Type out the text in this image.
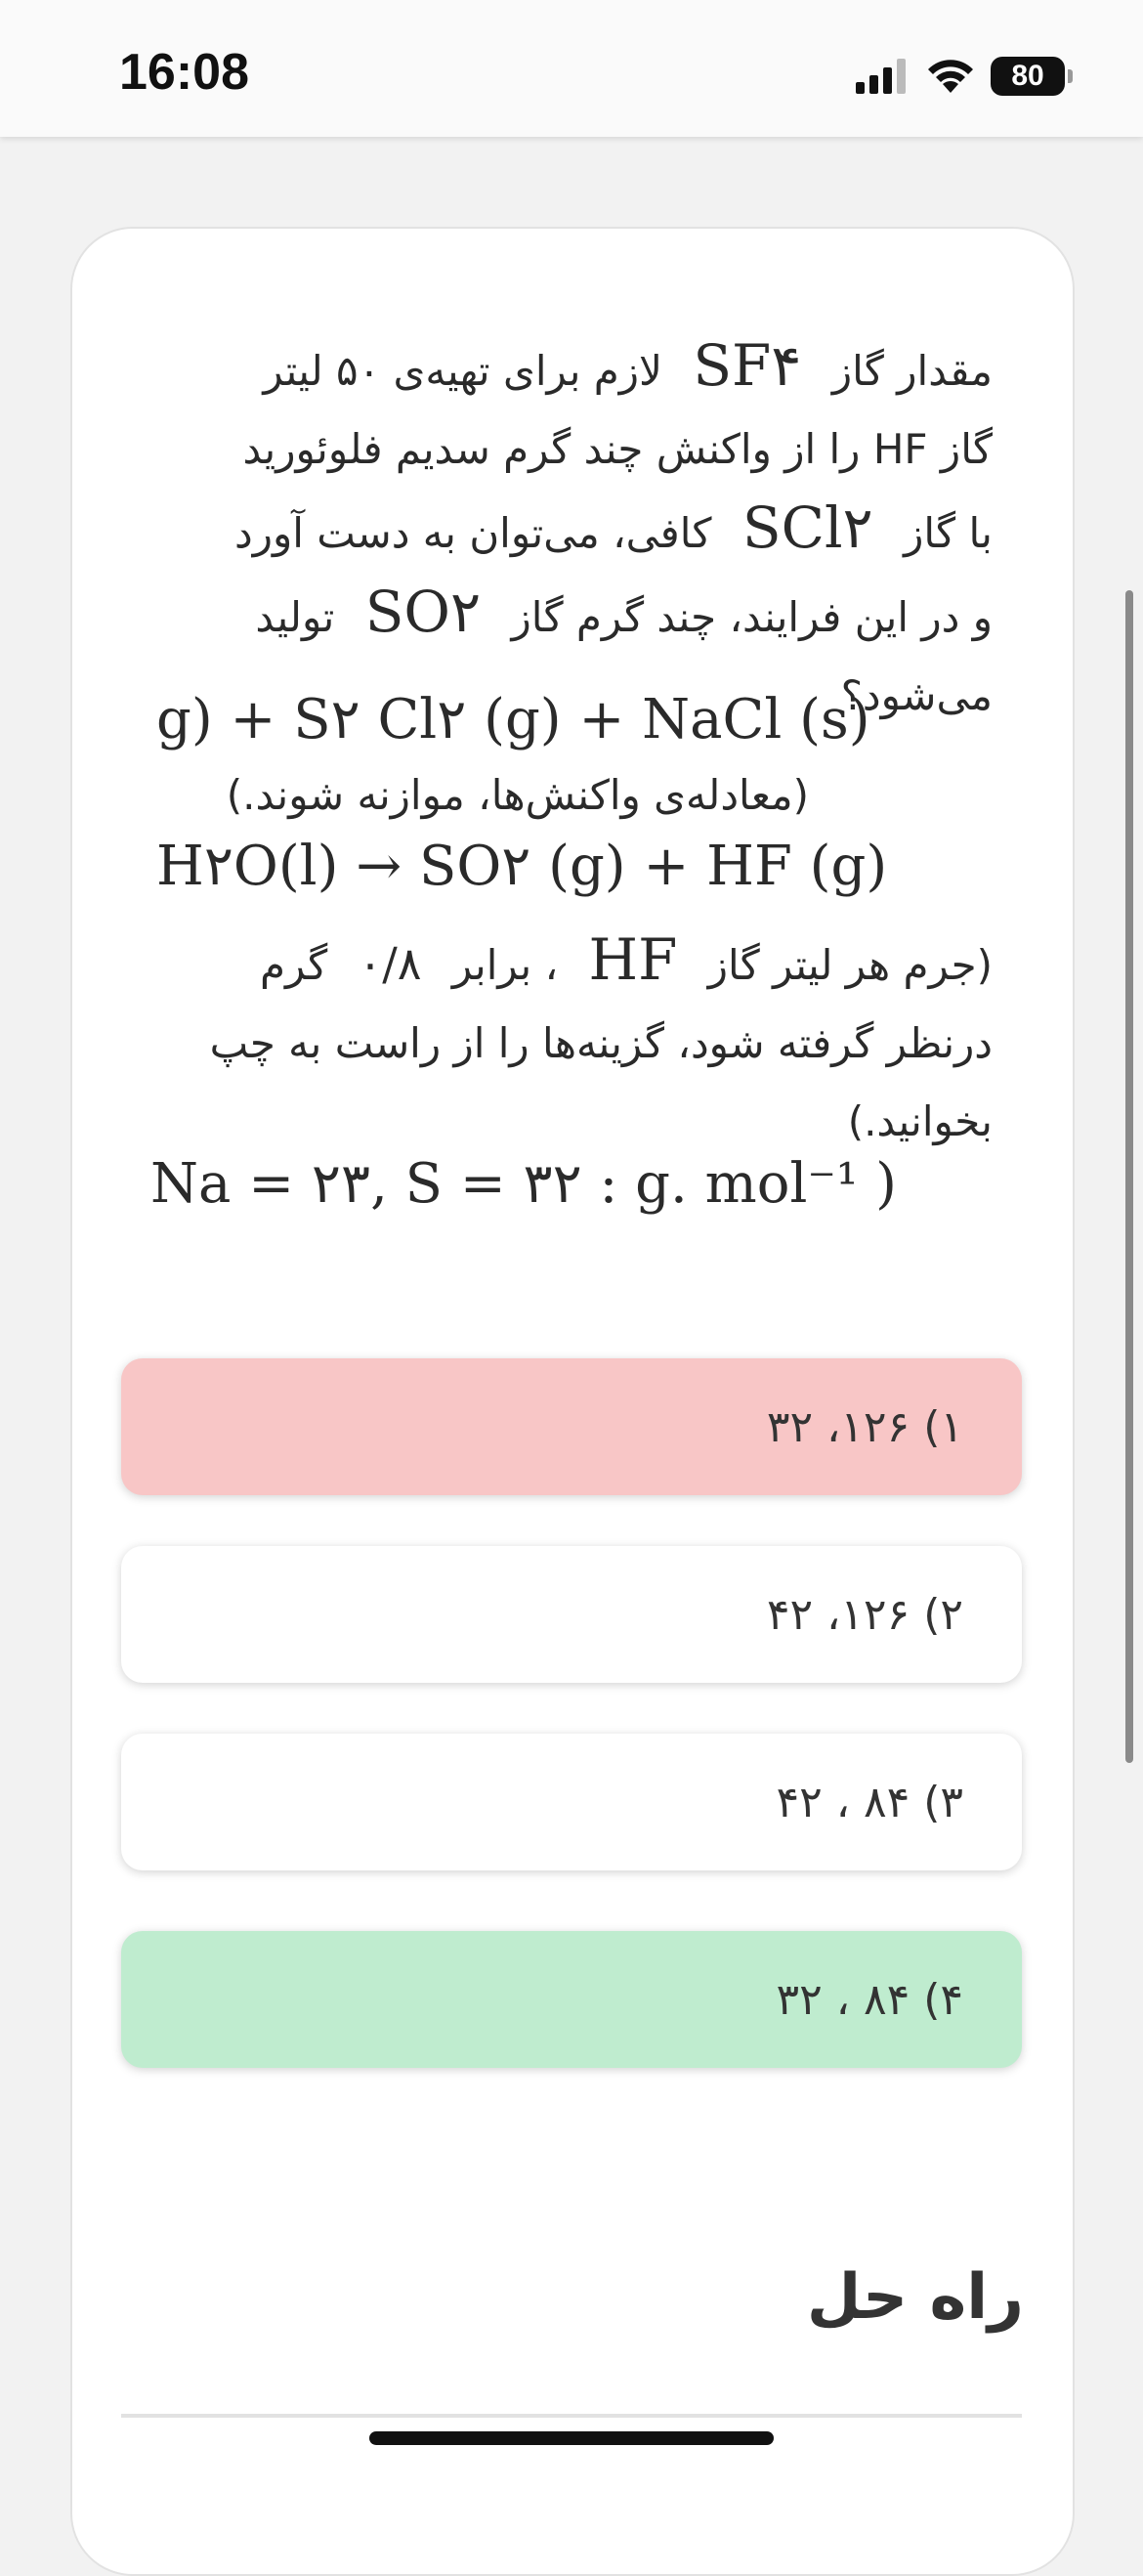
16:08	80
مقدار گاز SF۴ لازم برای تهیه‌ی ۵۰ لیتر
گاز HF را از واکنش چند گرم سدیم فلوئورید
با گاز SCl۲ کافی، می‌توان به دست آورد
و در این فرایند، چند گرم گاز SO۲ تولید
می‌شود؟
g) + S۲ Cl۲ (g) + NaCl (s)
(معادله‌ی واکنش‌ها، موازنه شوند.)
H۲O(l) → SO۲ (g) + HF (g)
(جرم هر لیتر گاز HF ، برابر ۰/۸ گرم
درنظر گرفته شود، گزینه‌ها را از راست به چپ
بخوانید.)
Na = ۲۳, S = ۳۲ : g. mol⁻¹ )
۱) ۱۲۶، ۳۲
۲) ۱۲۶، ۴۲
۳) ۸۴ ، ۴۲
۴) ۸۴ ، ۳۲
راه حل
